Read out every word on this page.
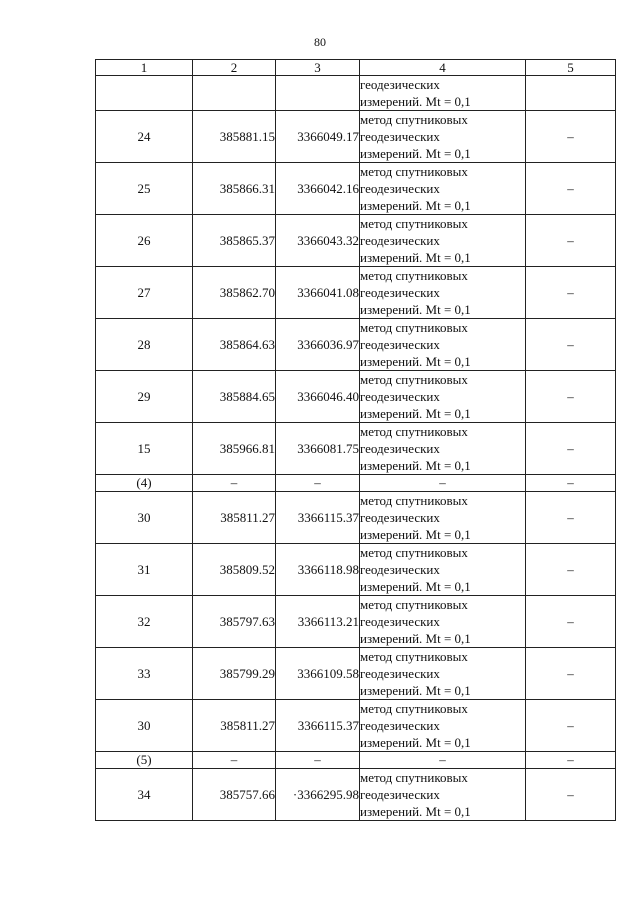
80
1	2	3	4	5

			геодезических
измерений. Mt = 0,1	

24	385881.15	3366049.17	метод спутниковых
геодезических
измерений. Mt = 0,1	–
25	385866.31	3366042.16	метод спутниковых
геодезических
измерений. Mt = 0,1	–
26	385865.37	3366043.32	метод спутниковых
геодезических
измерений. Mt = 0,1	–
27	385862.70	3366041.08	метод спутниковых
геодезических
измерений. Mt = 0,1	–
28	385864.63	3366036.97	метод спутниковых
геодезических
измерений. Mt = 0,1	–
29	385884.65	3366046.40	метод спутниковых
геодезических
измерений. Mt = 0,1	–
15	385966.81	3366081.75	метод спутниковых
геодезических
измерений. Mt = 0,1	–
(4)	–	–	–	–
30	385811.27	3366115.37	метод спутниковых
геодезических
измерений. Mt = 0,1	–
31	385809.52	3366118.98	метод спутниковых
геодезических
измерений. Mt = 0,1	–
32	385797.63	3366113.21	метод спутниковых
геодезических
измерений. Mt = 0,1	–
33	385799.29	3366109.58	метод спутниковых
геодезических
измерений. Mt = 0,1	–
30	385811.27	3366115.37	метод спутниковых
геодезических
измерений. Mt = 0,1	–
(5)	–	–	–	–
34	385757.66	·3366295.98	метод спутниковых
геодезических
измерений. Mt = 0,1	–
